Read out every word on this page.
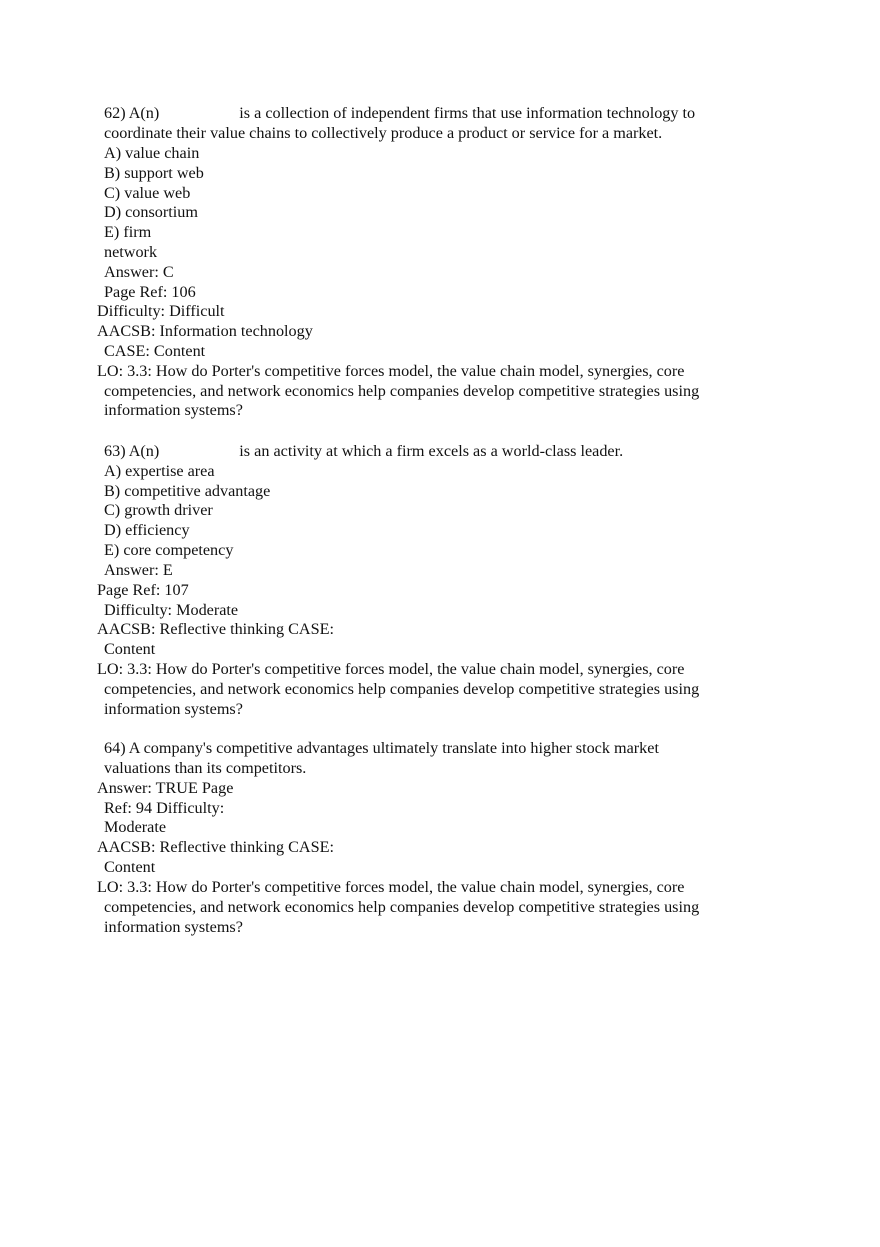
62) A(n)	is a collection of independent firms that use information technology to
coordinate their value chains to collectively produce a product or service for a market.
A) value chain
B) support web
C) value web
D) consortium
E) firm
network
Answer: C
Page Ref: 106
Difficulty: Difficult
AACSB: Information technology
CASE: Content
LO: 3.3: How do Porter's competitive forces model, the value chain model, synergies, core
competencies, and network economics help companies develop competitive strategies using
information systems?
63) A(n)	is an activity at which a firm excels as a world-class leader.
A) expertise area
B) competitive advantage
C) growth driver
D) efficiency
E) core competency
Answer: E
Page Ref: 107
Difficulty: Moderate
AACSB: Reflective thinking CASE:
Content
LO: 3.3: How do Porter's competitive forces model, the value chain model, synergies, core
competencies, and network economics help companies develop competitive strategies using
information systems?
64) A company's competitive advantages ultimately translate into higher stock market
valuations than its competitors.
Answer: TRUE Page
Ref: 94 Difficulty:
Moderate
AACSB: Reflective thinking CASE:
Content
LO: 3.3: How do Porter's competitive forces model, the value chain model, synergies, core
competencies, and network economics help companies develop competitive strategies using
information systems?
